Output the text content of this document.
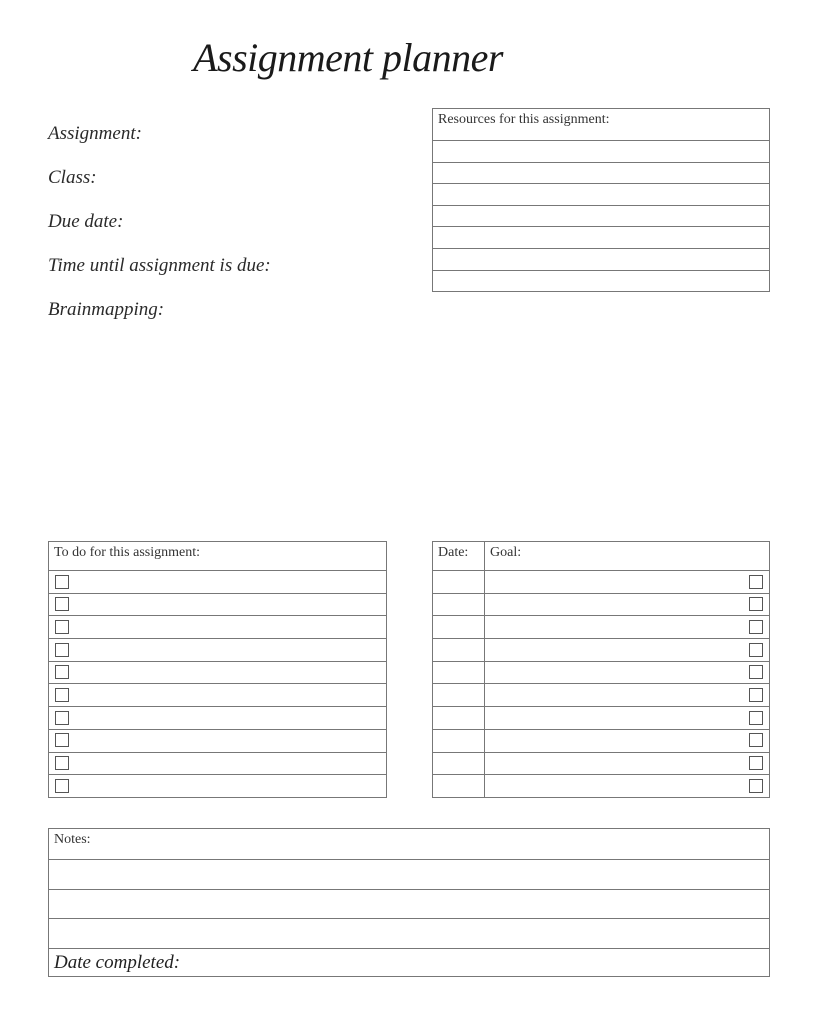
Assignment planner
Assignment:
Class:
Due date:
Time until assignment is due:
Brainmapping:
Resources for this assignment:
To do for this assignment:	Date:	Goal:
Notes:
Date completed:
